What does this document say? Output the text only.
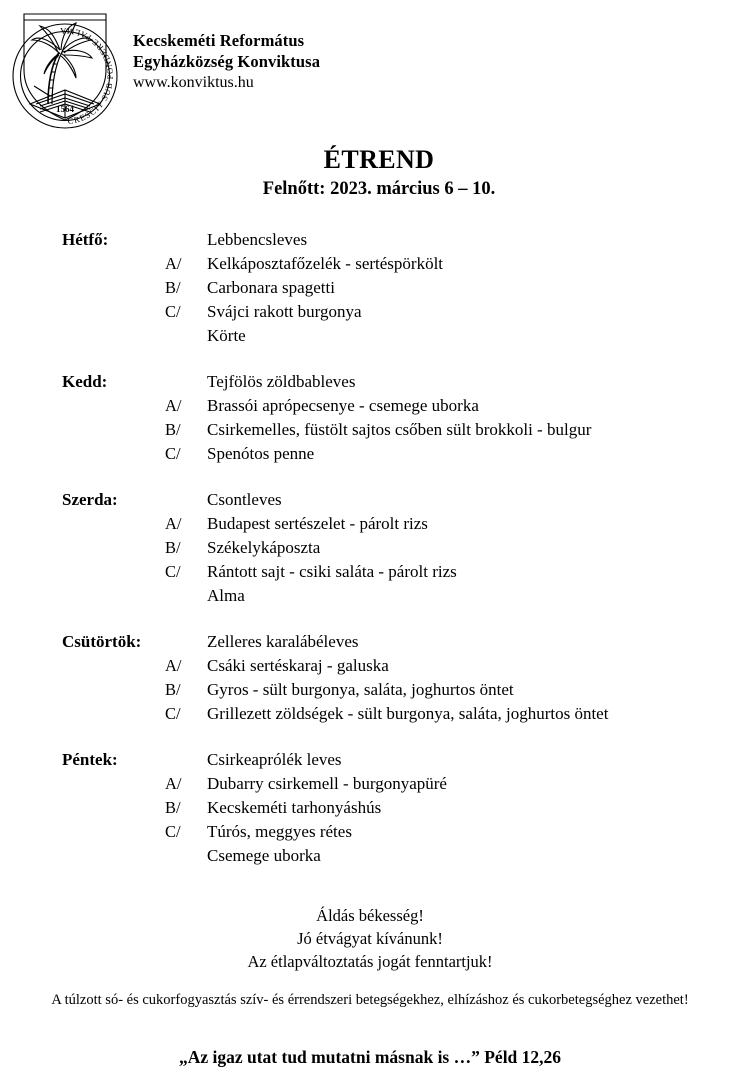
1564
CRESCIT SUB PONDERE PALMA	Kecskeméti Református
Egyházközség Konviktusa
www.konviktus.hu
ÉTREND
Felnőtt: 2023. március 6 – 10.
Hétfő:	Lebbencsleves
A/ Kelkáposztafőzelék - sertéspörkölt
B/ Carbonara spagetti
C/ Svájci rakott burgonya
Körte
Kedd:	Tejfölös zöldbableves
A/ Brassói aprópecsenye - csemege uborka
B/ Csirkemelles, füstölt sajtos csőben sült brokkoli - bulgur
C/ Spenótos penne
Szerda:	Csontleves
A/ Budapest sertészelet - párolt rizs
B/ Székelykáposzta
C/ Rántott sajt - csiki saláta - párolt rizs
Alma
Csütörtök:	Zelleres karalábéleves
A/ Csáki sertéskaraj - galuska
B/ Gyros - sült burgonya, saláta, joghurtos öntet
C/ Grillezett zöldségek - sült burgonya, saláta, joghurtos öntet
Péntek:	Csirkeaprólék leves
A/ Dubarry csirkemell - burgonyapüré
B/ Kecskeméti tarhonyáshús
C/ Túrós, meggyes rétes
Csemege uborka
Áldás békesség!
Jó étvágyat kívánunk!
Az étlapváltoztatás jogát fenntartjuk!
A túlzott só- és cukorfogyasztás szív- és érrendszeri betegségekhez, elhízáshoz és cukorbetegséghez vezethet!
„Az igaz utat tud mutatni másnak is …” Péld 12,26
